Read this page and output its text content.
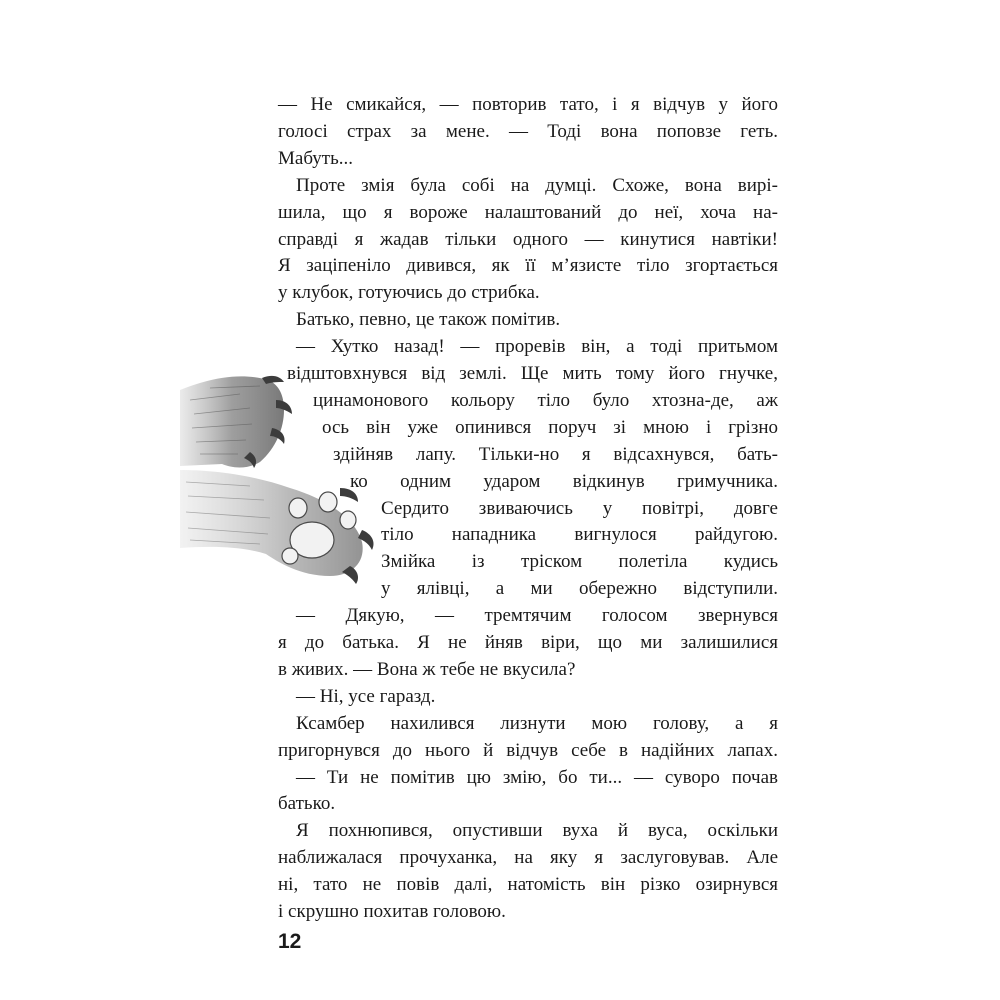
12
— Не смикайся, — повторив тато, і я відчув у його
голосі страх за мене. — Тоді вона поповзе геть.
Мабуть...
Проте змія була собі на думці. Схоже, вона вирі-
шила, що я вороже налаштований до неї, хоча на-
справді я жадав тільки одного — кинутися навтіки!
Я заціпеніло дивився, як її м’язисте тіло згортається
у клубок, готуючись до стрибка.
Батько, певно, це також помітив.
— Хутко назад! — проревів він, а тоді притьмом
відштовхнувся від землі. Ще мить тому його гнучке,
цинамонового кольору тіло було хтозна-де, аж
ось він уже опинився поруч зі мною і грізно
здійняв лапу. Тільки-но я відсахнувся, бать-
ко одним ударом відкинув гримучника.
Сердито звиваючись у повітрі, довге
тіло нападника вигнулося райдугою.
Змійка із тріском полетіла кудись
у ялівці, а ми обережно відступили.
— Дякую, — тремтячим голосом звернувся
я до батька. Я не йняв віри, що ми залишилися
в живих. — Вона ж тебе не вкусила?
— Ні, усе гаразд.
Ксамбер нахилився лизнути мою голову, а я
пригорнувся до нього й відчув себе в надійних лапах.
— Ти не помітив цю змію, бо ти... — суворо почав
батько.
Я похнюпився, опустивши вуха й вуса, оскільки
наближалася прочуханка, на яку я заслуговував. Але
ні, тато не повів далі, натомість він різко озирнувся
і скрушно похитав головою.
